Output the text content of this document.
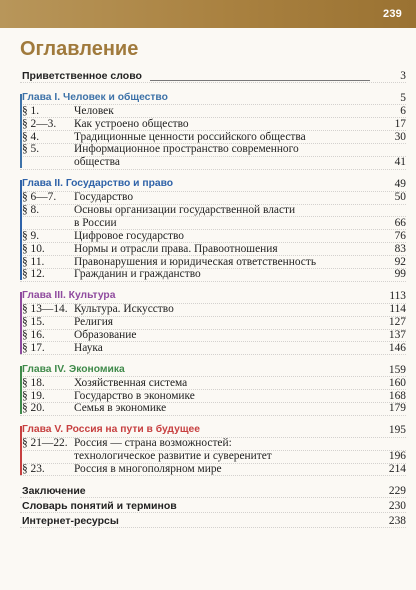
239
Оглавление
Приветственное слово	3
Глава I. Человек и общество	5
§ 1.	Человек	6
§ 2—3.	Как устроено общество	17
§ 4.	Традиционные ценности российского общества	30
§ 5.	Информационное пространство современного
общества	41
Глава II. Государство и право	49
§ 6—7.	Государство	50
§ 8.	Основы организации государственной власти
в России	66
§ 9.	Цифровое государство	76
§ 10.	Нормы и отрасли права. Правоотношения	83
§ 11.	Правонарушения и юридическая ответственность	92
§ 12.	Гражданин и гражданство	99
Глава III. Культура	113
§ 13—14. Культура. Искусство	114
§ 15.	Религия	127
§ 16.	Образование	137
§ 17.	Наука	146
Глава IV. Экономика	159
§ 18.	Хозяйственная система	160
§ 19.	Государство в экономике	168
§ 20.	Семья в экономике	179
Глава V. Россия на пути в будущее	195
§ 21—22. Россия — страна возможностей:
технологическое развитие и суверенитет	196
§ 23.	Россия в многополярном мире	214
Заключение	229
Словарь понятий и терминов	230
Интернет-ресурсы	238
